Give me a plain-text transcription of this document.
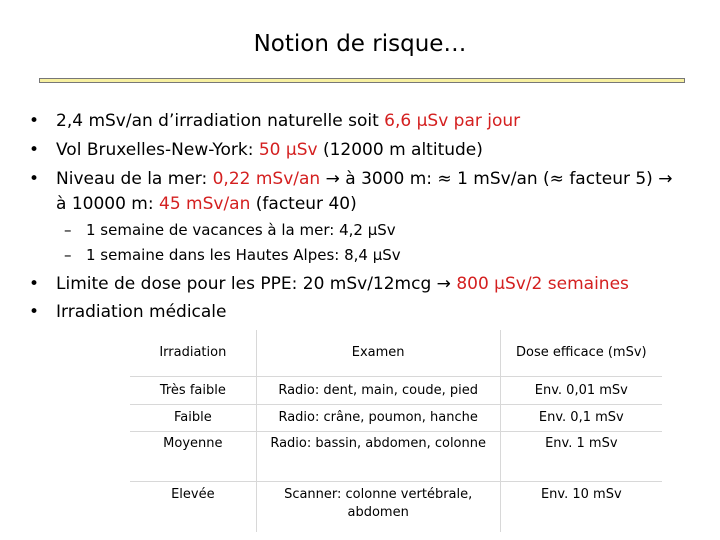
Notion de risque…
• 2,4 mSv/an d’irradiation naturelle soit 6,6 µSv par jour
• Vol Bruxelles-New-York: 50 µSv (12000 m altitude)
• Niveau de la mer: 0,22 mSv/an → à 3000 m: ≈ 1 mSv/an (≈ facteur 5) → à 10000 m: 45 mSv/an (facteur 40)
– 1 semaine de vacances à la mer: 4,2 µSv
– 1 semaine dans les Hautes Alpes: 8,4 µSv
• Limite de dose pour les PPE: 20 mSv/12mcg → 800 µSv/2 semaines
• Irradiation médicale
Irradiation	Examen	Dose efficace (mSv)
Très faible	Radio: dent, main, coude, pied	Env. 0,01 mSv
Faible	Radio: crâne, poumon, hanche	Env. 0,1 mSv
Moyenne	Radio: bassin, abdomen, colonne	Env. 1 mSv
Elevée	Scanner: colonne vertébrale, abdomen	Env. 10 mSv
